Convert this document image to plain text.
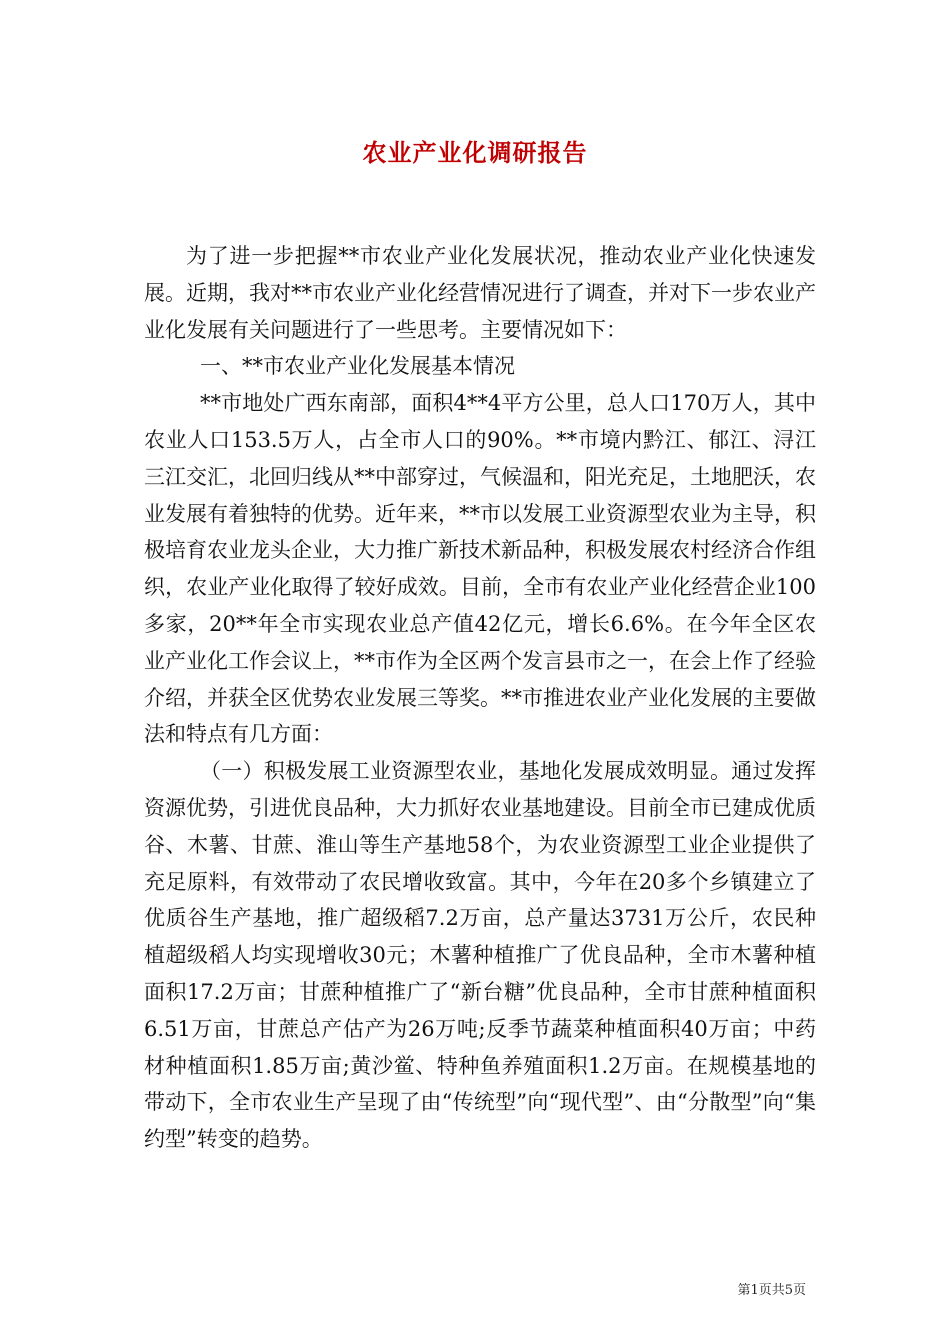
农业产业化调研报告

为了进一步把握**市农业产业化发展状况，推动农业产业化快速发展。近期，我对**市农业产业化经营情况进行了调查，并对下一步农业产业化发展有关问题进行了一些思考。主要情况如下：

一、**市农业产业化发展基本情况

**市地处广西东南部，面积4**4平方公里，总人口170万人，其中农业人口153.5万人，占全市人口的90%。**市境内黔江、郁江、浔江三江交汇，北回归线从**中部穿过，气候温和，阳光充足，土地肥沃，农业发展有着独特的优势。近年来，**市以发展工业资源型农业为主导，积极培育农业龙头企业，大力推广新技术新品种，积极发展农村经济合作组织，农业产业化取得了较好成效。目前，全市有农业产业化经营企业100多家，20**年全市实现农业总产值42亿元，增长6.6%。在今年全区农业产业化工作会议上，**市作为全区两个发言县市之一，在会上作了经验介绍，并获全区优势农业发展三等奖。**市推进农业产业化发展的主要做法和特点有几方面：

（一）积极发展工业资源型农业，基地化发展成效明显。通过发挥资源优势，引进优良品种，大力抓好农业基地建设。目前全市已建成优质谷、木薯、甘蔗、淮山等生产基地58个，为农业资源型工业企业提供了充足原料，有效带动了农民增收致富。其中，今年在20多个乡镇建立了优质谷生产基地，推广超级稻7.2万亩，总产量达3731万公斤，农民种植超级稻人均实现增收30元；木薯种植推广了优良品种，全市木薯种植面积17.2万亩；甘蔗种植推广了“新台糖”优良品种，全市甘蔗种植面积6.51万亩，甘蔗总产估产为26万吨;反季节蔬菜种植面积40万亩；中药材种植面积1.85万亩;黄沙鲎、特种鱼养殖面积1.2万亩。在规模基地的带动下，全市农业生产呈现了由“传统型”向“现代型”、由“分散型”向“集约型”转变的趋势。

第1页共5页
